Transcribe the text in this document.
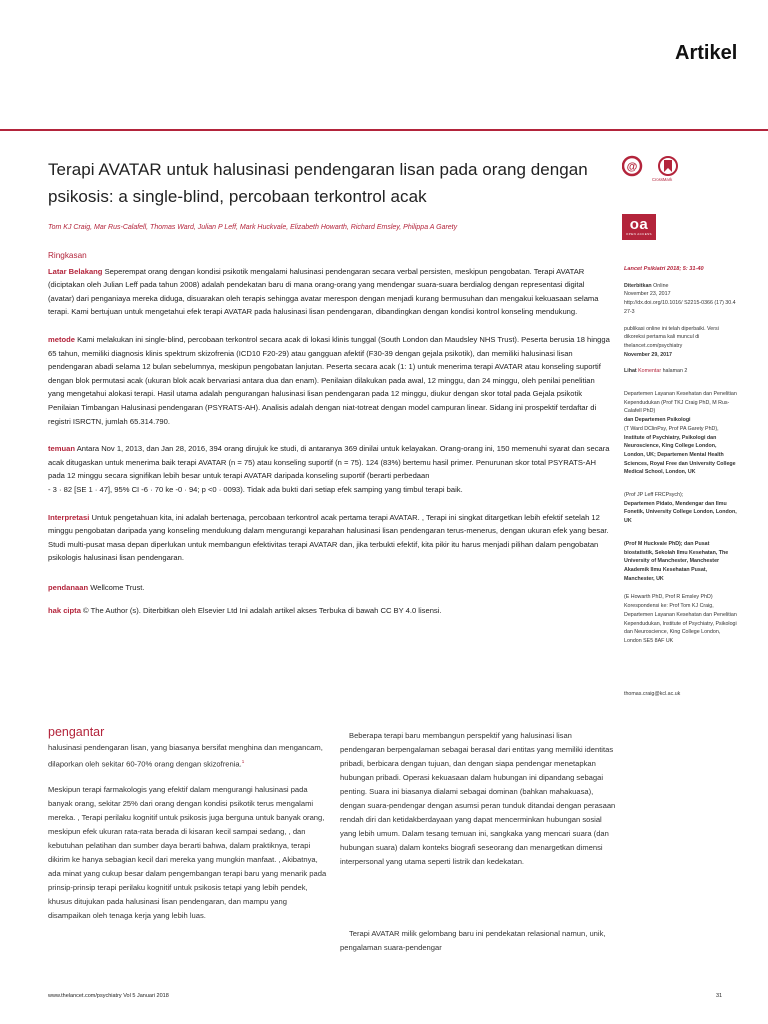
Artikel
Terapi AVATAR untuk halusinasi pendengaran lisan pada orang dengan
psikosis: a single-blind, percobaan terkontrol acak
Tom KJ Craig, Mar Rus-Calafell, Thomas Ward, Julian P Leff, Mark Huckvale, Elizabeth Howarth, Richard Emsley, Philippa A Garety
@
CrossMark
oa
OPEN ACCESS
Ringkasan

Latar Belakang Seperempat orang dengan kondisi psikotik mengalami halusinasi pendengaran secara verbal persisten, meskipun pengobatan. Terapi AVATAR (diciptakan oleh Julian Leff pada tahun 2008) adalah pendekatan baru di mana orang-orang yang mendengar suara-suara berdialog dengan representasi digital (avatar) dari penganiaya mereka diduga, disuarakan oleh terapis sehingga avatar merespon dengan menjadi kurang bermusuhan dan mengakui kekuasaan selama terapi. Kami bertujuan untuk mengetahui efek terapi AVATAR pada halusinasi lisan pendengaran, dibandingkan dengan kondisi kontrol konseling mendukung.

metode Kami melakukan ini single-blind, percobaan terkontrol secara acak di lokasi klinis tunggal (South London dan Maudsley NHS Trust). Peserta berusia 18 hingga 65 tahun, memiliki diagnosis klinis spektrum skizofrenia (ICD10 F20-29) atau gangguan afektif (F30-39 dengan gejala psikotik), dan memiliki halusinasi lisan pendengaran abadi selama 12 bulan sebelumnya, meskipun pengobatan lanjutan. Peserta secara acak (1: 1) untuk menerima terapi AVATAR atau konseling suportif dengan blok permutasi acak (ukuran blok acak bervariasi antara dua dan enam). Penilaian dilakukan pada awal, 12 minggu, dan 24 minggu, oleh penilai penelitian yang mengetahui alokasi terapi. Hasil utama adalah pengurangan halusinasi lisan pendengaran pada 12 minggu, diukur dengan skor total pada Gejala psikotik Penilaian Timbangan Halusinasi pendengaran (PSYRATS-AH). Analisis adalah dengan niat-totreat dengan model campuran linear. Sidang ini prospektif terdaftar di registri ISRCTN, jumlah 65.314.790.

temuan Antara Nov 1, 2013, dan Jan 28, 2016, 394 orang dirujuk ke studi, di antaranya 369 dinilai untuk kelayakan. Orang-orang ini, 150 memenuhi syarat dan secara acak ditugaskan untuk menerima baik terapi AVATAR (n = 75) atau konseling suportif (n = 75). 124 (83%) bertemu hasil primer. Penurunan skor total PSYRATS-AH pada 12 minggu secara signifikan lebih besar untuk terapi AVATAR daripada konseling suportif (berarti perbedaan

- 3 · 82 [SE 1 · 47], 95% CI -6 · 70 ke -0 · 94; p <0 · 0093). Tidak ada bukti dari setiap efek samping yang timbul terapi baik.

Interpretasi Untuk pengetahuan kita, ini adalah bertenaga, percobaan terkontrol acak pertama terapi AVATAR. , Terapi ini singkat ditargetkan lebih efektif setelah 12 minggu pengobatan daripada yang konseling mendukung dalam mengurangi keparahan halusinasi lisan pendengaran terus-menerus, dengan ukuran efek yang besar. Studi multi-pusat masa depan diperlukan untuk membangun efektivitas terapi AVATAR dan, jika terbukti efektif, kita pikir itu harus menjadi pilihan dalam pengobatan psikologis halusinasi lisan pendengaran.

pendanaan Wellcome Trust.

hak cipta © The Author (s). Diterbitkan oleh Elsevier Ltd Ini adalah artikel akses Terbuka di bawah CC BY 4.0 lisensi.

pengantar

halusinasi pendengaran lisan, yang biasanya bersifat menghina dan mengancam, dilaporkan oleh sekitar 60-70% orang dengan skizofrenia.$^1$

Meskipun terapi farmakologis yang efektif dalam mengurangi halusinasi pada banyak orang, sekitar 25% dari orang dengan kondisi psikotik terus mengalami mereka. , Terapi perilaku kognitif untuk psikosis juga berguna untuk banyak orang, meskipun efek ukuran rata-rata berada di kisaran kecil sampai sedang, , dan kebutuhan pelatihan dan sumber daya berarti bahwa, dalam praktiknya, terapi dikirim ke hanya sebagian kecil dari mereka yang mungkin manfaat. , Akibatnya, ada minat yang cukup besar dalam pengembangan terapi baru yang menarik pada prinsip-prinsip terapi perilaku kognitif untuk psikosis tetapi yang lebih pendek, khusus ditujukan pada halusinasi lisan pendengaran, dan mampu yang disampaikan oleh tenaga kerja yang lebih luas.

Beberapa terapi baru membangun perspektif yang halusinasi lisan pendengaran berpengalaman sebagai berasal dari entitas yang memiliki identitas pribadi, berbicara dengan tujuan, dan dengan siapa pendengar menetapkan hubungan pribadi. Operasi kekuasaan dalam hubungan ini dipandang sebagai penting. Suara ini biasanya dialami sebagai dominan (bahkan mahakuasa), dengan suara-pendengar dengan asumsi peran tunduk ditandai dengan perasaan rendah diri dan ketidakberdayaan yang dapat mencerminkan hubungan sosial yang lebih umum. Dalam tesang temuan ini, sangkaka yang mencari suara (dan hubungan suara) dalam konteks biografi seseorang dan menargetkan dimensi interpersonal yang utama seperti listrik dan kedekatan.

Terapi AVATAR milik gelombang baru ini pendekatan relasional namun, unik, pengalaman suara-pendengar

Lancet Psikiatri 2018; 5: 31-40
Diterbitkan Online
November 23, 2017
http://dx.doi.org/10.1016/ S2215-0366 (17) 30.427-3
publikasi online ini telah diperbaiki. Versi dikoreksi pertama kali muncul di thelancet.com/psychiatry
November 29, 2017
Lihat Komentar halaman 2
Departemen Layanan Kesehatan dan Penelitian Kependudukan (Prof TKJ Craig PhD, M Rus-Calafell PhD)
dan Departemen Psikologi
(T Ward DClinPsy, Prof PA Garety PhD),
Institute of Psychiatry, Psikologi dan Neuroscience, King College London, London, UK; Departemen Mental Health Sciences, Royal Free dan University College Medical School, London, UK
(Prof JP Leff FRCPsych);
Departemen Pidato, Mendengar dan Ilmu Fonetik, University College London, London, UK
(Prof M Huckvale PhD); dan Pusat
biostatistik, Sekolah Ilmu Kesehatan, The University of Manchester, Manchester Akademik Ilmu Kesehatan Pusat, Manchester, UK
(E Howarth PhD, Prof R Emsley PhD)
Korespondensi ke: Prof Tom KJ Craig, Departemen Layanan Kesehatan dan Penelitian Kependudukan, Institute of Psychiatry, Psikologi dan Neuroscience, King College London, London SE5 8AF UK
thomas.craig@kcl.ac.uk
www.thelancet.com/psychiatry Vol 5 Januari 2018	31
